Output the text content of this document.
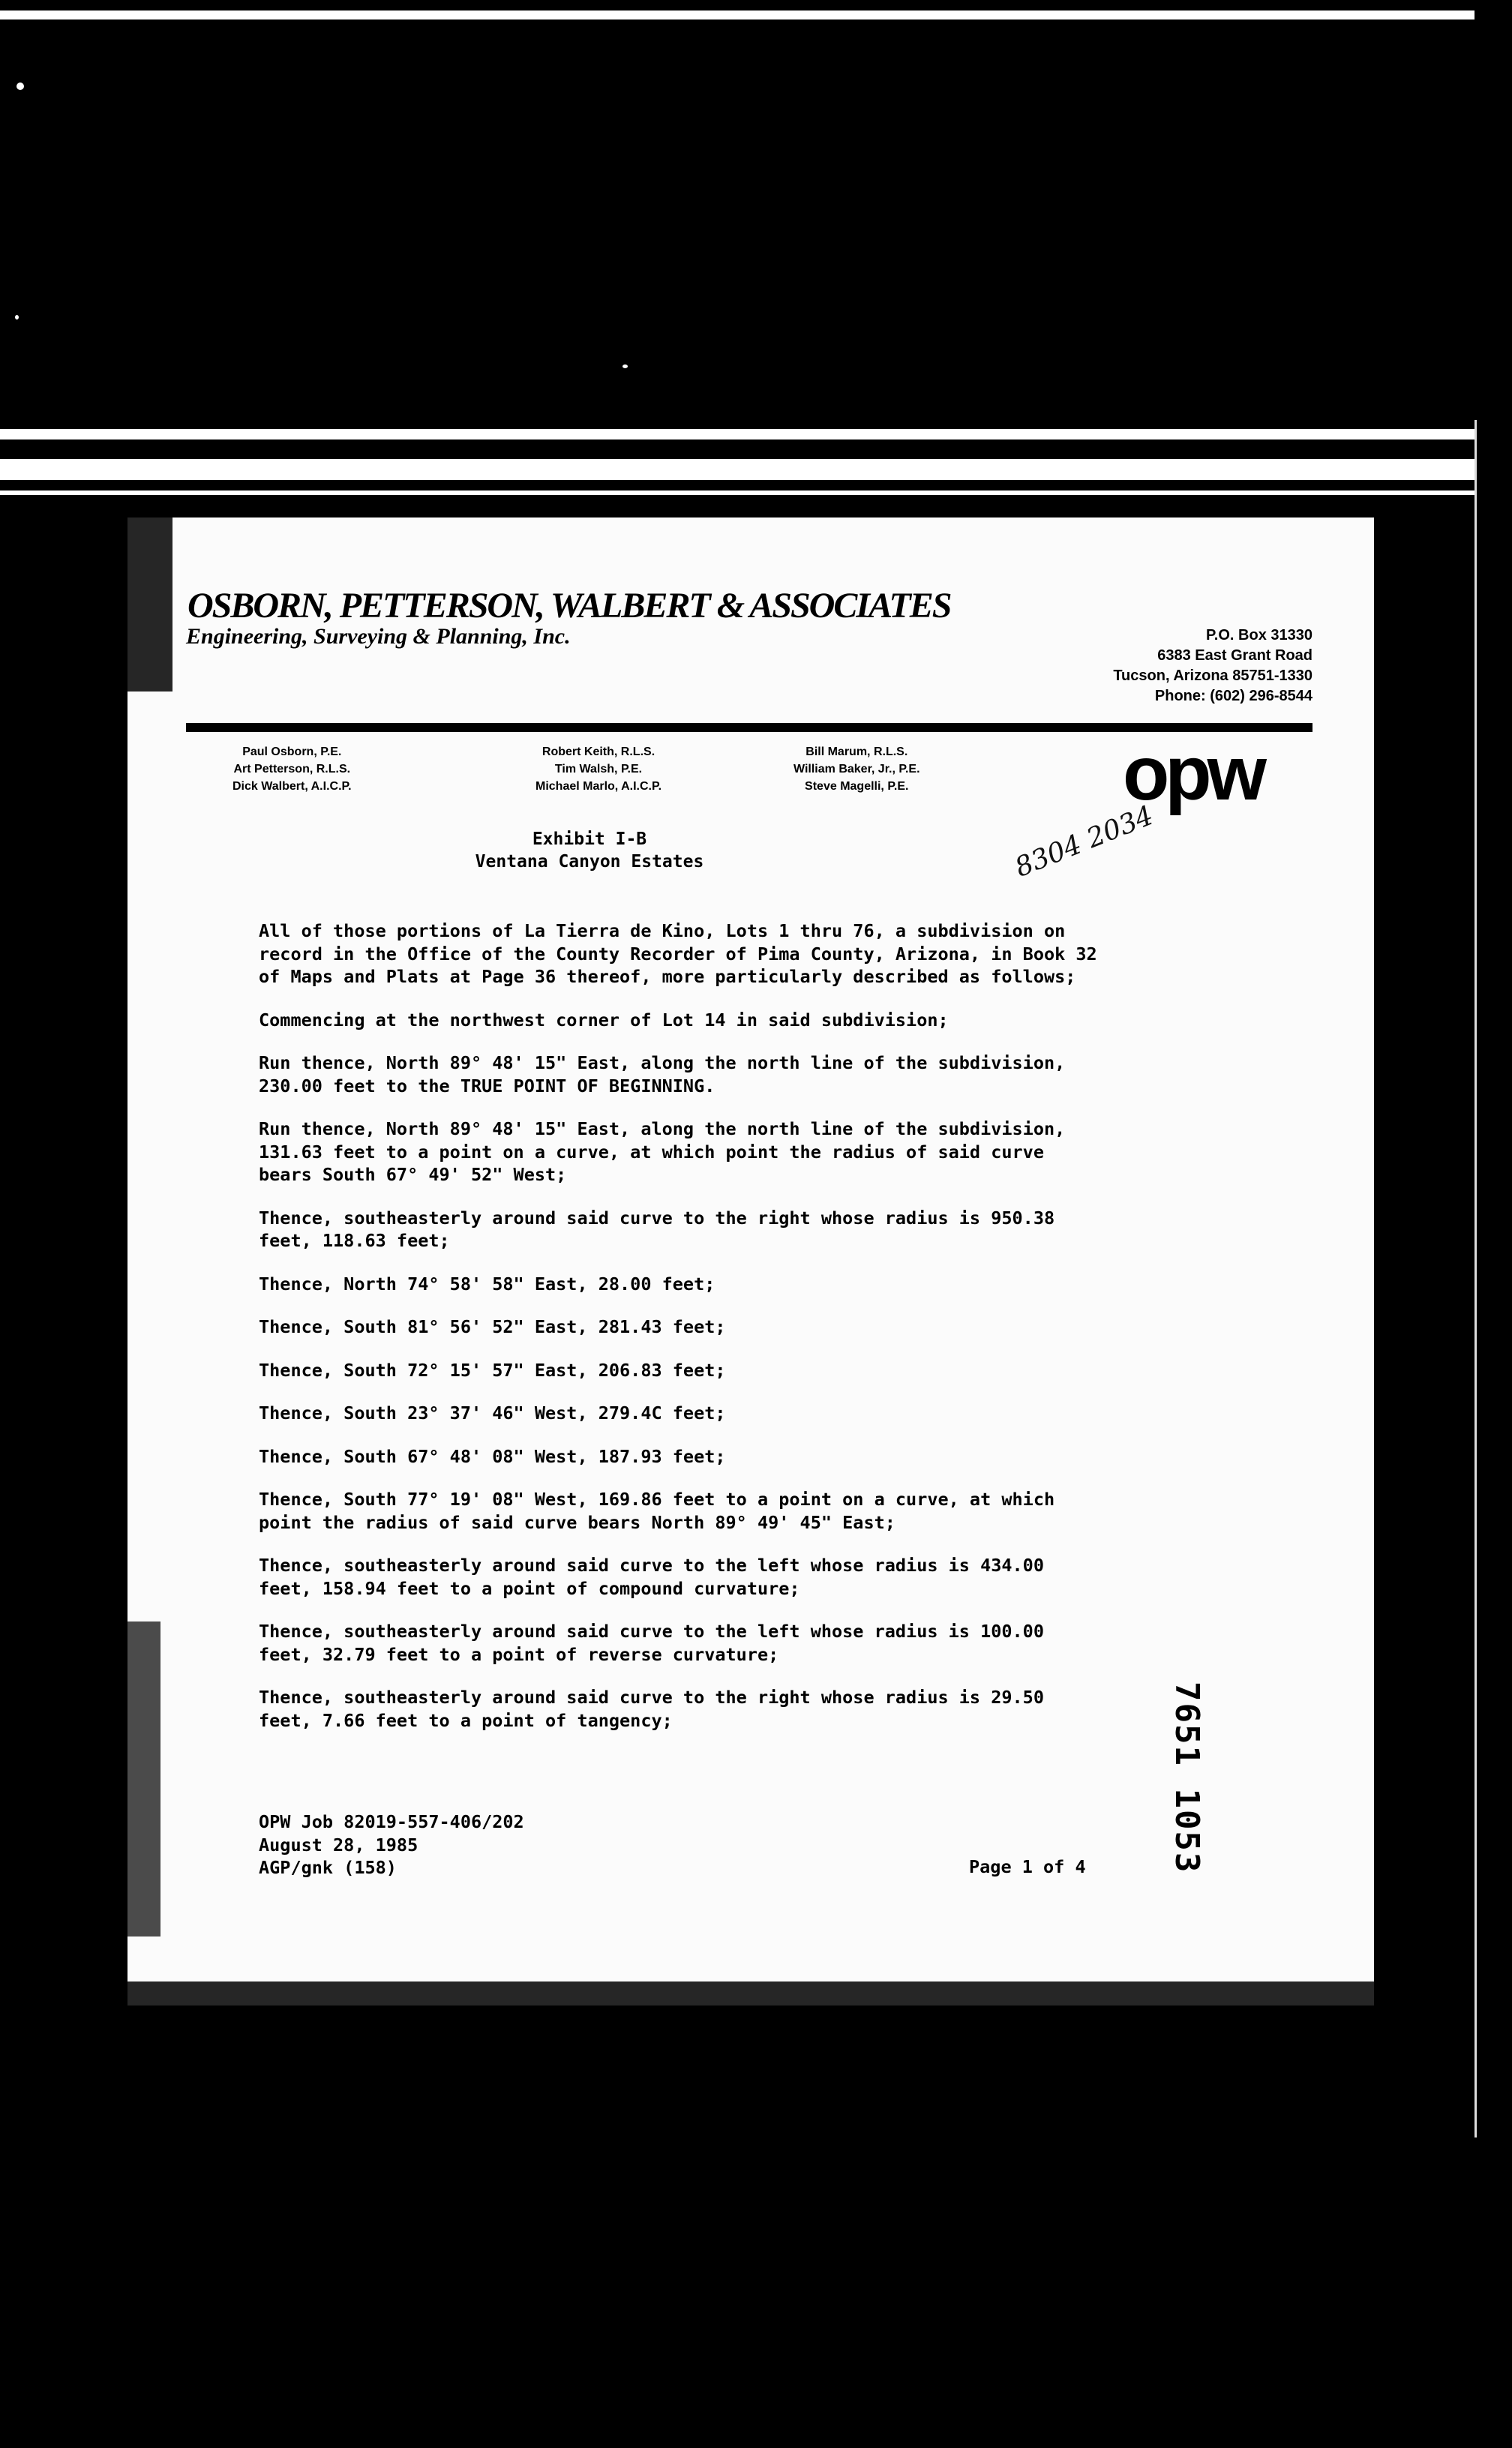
OSBORN, PETTERSON, WALBERT & ASSOCIATES
Engineering, Surveying & Planning, Inc.	P.O. Box 31330
6383 East Grant Road
Tucson, Arizona 85751-1330
Phone: (602) 296-8544
Paul Osborn, P.E.
Art Petterson, R.L.S.
Dick Walbert, A.I.C.P.
Robert Keith, R.L.S.
Tim Walsh, P.E.
Michael Marlo, A.I.C.P.
Bill Marum, R.L.S.
William Baker, Jr., P.E.
Steve Magelli, P.E.	opw
Exhibit I-B
Ventana Canyon Estates	8304 2034
All of those portions of La Tierra de Kino, Lots 1 thru 76, a subdivision on
record in the Office of the County Recorder of Pima County, Arizona, in Book 32
of Maps and Plats at Page 36 thereof, more particularly described as follows;
Commencing at the northwest corner of Lot 14 in said subdivision;
Run thence, North 89° 48' 15" East, along the north line of the subdivision,
230.00 feet to the TRUE POINT OF BEGINNING.
Run thence, North 89° 48' 15" East, along the north line of the subdivision,
131.63 feet to a point on a curve, at which point the radius of said curve
bears South 67° 49' 52" West;
Thence, southeasterly around said curve to the right whose radius is 950.38
feet, 118.63 feet;
Thence, North 74° 58' 58" East, 28.00 feet;
Thence, South 81° 56' 52" East, 281.43 feet;
Thence, South 72° 15' 57" East, 206.83 feet;
Thence, South 23° 37' 46" West, 279.4C feet;
Thence, South 67° 48' 08" West, 187.93 feet;
Thence, South 77° 19' 08" West, 169.86 feet to a point on a curve, at which
point the radius of said curve bears North 89° 49' 45" East;
Thence, southeasterly around said curve to the left whose radius is 434.00
feet, 158.94 feet to a point of compound curvature;
Thence, southeasterly around said curve to the left whose radius is 100.00
feet, 32.79 feet to a point of reverse curvature;
Thence, southeasterly around said curve to the right whose radius is 29.50
feet, 7.66 feet to a point of tangency;
OPW Job 82019-557-406/202
August 28, 1985
AGP/gnk (158)	Page 1 of 4 7651 1053
